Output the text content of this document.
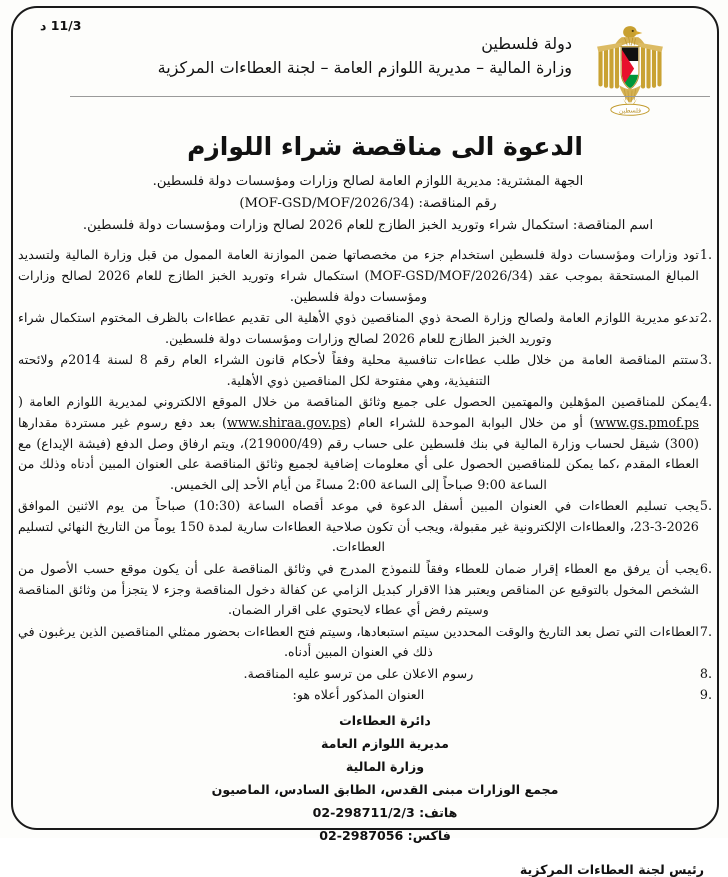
11/3 د
دولة فلسطين
وزارة المالية – مديرية اللوازم العامة – لجنة العطاءات المركزية
فلسطين
الدعوة الى مناقصة شراء اللوازم
الجهة المشترية: مديرية اللوازم العامة لصالح وزارات ومؤسسات دولة فلسطين.
رقم المناقصة: (MOF-GSD/MOF/2026/34)
اسم المناقصة: استكمال شراء وتوريد الخبز الطازج للعام 2026 لصالح وزارات ومؤسسات دولة فلسطين.
1.
تود وزارات ومؤسسات دولة فلسطين استخدام جزء من مخصصاتها ضمن الموازنة العامة الممول من قبل وزارة المالية ولتسديد المبالغ المستحقة بموجب عقد (MOF-GSD/MOF/2026/34) استكمال شراء وتوريد الخبز الطازج للعام 2026 لصالح وزارات ومؤسسات دولة فلسطين.
2.
تدعو مديرية اللوازم العامة ولصالح وزارة الصحة ذوي المناقصين ذوي الأهلية الى تقديم عطاءات بالظرف المختوم استكمال شراء وتوريد الخبز الطازج للعام 2026 لصالح وزارات ومؤسسات دولة فلسطين.
3.
ستتم المناقصة العامة من خلال طلب عطاءات تنافسية محلية وفقاً لأحكام قانون الشراء العام رقم 8 لسنة 2014م ولائحته التنفيذية، وهي مفتوحة لكل المناقصين ذوي الأهلية.
4.
يمكن للمناقصين المؤهلين والمهتمين الحصول على جميع وثائق المناقصة من خلال الموقع الالكتروني لمديرية اللوازم العامة (www.gs.pmof.ps) أو من خلال البوابة الموحدة للشراء العام (www.shiraa.gov.ps) بعد دفع رسوم غير مستردة مقدارها (300) شيقل لحساب وزارة المالية في بنك فلسطين على حساب رقم (219000/49)، ويتم ارفاق وصل الدفع (فيشة الإيداع) مع العطاء المقدم ،كما يمكن للمناقصين الحصول على أي معلومات إضافية لجميع وثائق المناقصة على العنوان المبين أدناه وذلك من الساعة 9:00 صباحاً إلى الساعة 2:00 مساءً من أيام الأحد إلى الخميس.
5.
يجب تسليم العطاءات في العنوان المبين أسفل الدعوة في موعد أقصاه الساعة (10:30) صباحاً من يوم الاثنين الموافق 23-3-2026، والعطاءات الإلكترونية غير مقبولة، ويجب أن تكون صلاحية العطاءات سارية لمدة 150 يوماً من التاريخ النهائي لتسليم العطاءات.
6.
يجب أن يرفق مع العطاء إقرار ضمان للعطاء وفقاً للنموذج المدرج في وثائق المناقصة على أن يكون موقع حسب الأصول من الشخص المخول بالتوقيع عن المناقص ويعتبر هذا الاقرار كبديل الزامي عن كفالة دخول المناقصة وجزء لا يتجزأ من وثائق المناقصة وسيتم رفض أي عطاء لايحتوي على اقرار الضمان.
7.
العطاءات التي تصل بعد التاريخ والوقت المحددين سيتم استبعادها، وسيتم فتح العطاءات بحضور ممثلي المناقصين الذين يرغبون في ذلك في العنوان المبين أدناه.
8.
رسوم الاعلان على من ترسو عليه المناقصة.
9.
العنوان المذكور أعلاه هو:
دائرة العطاءات
مديرية اللوازم العامة
وزارة المالية
مجمع الوزارات مبنى القدس، الطابق السادس، الماصيون
هاتف: 02-298711/2/3
فاكس: 02-2987056
رئيس لجنة العطاءات المركزية
